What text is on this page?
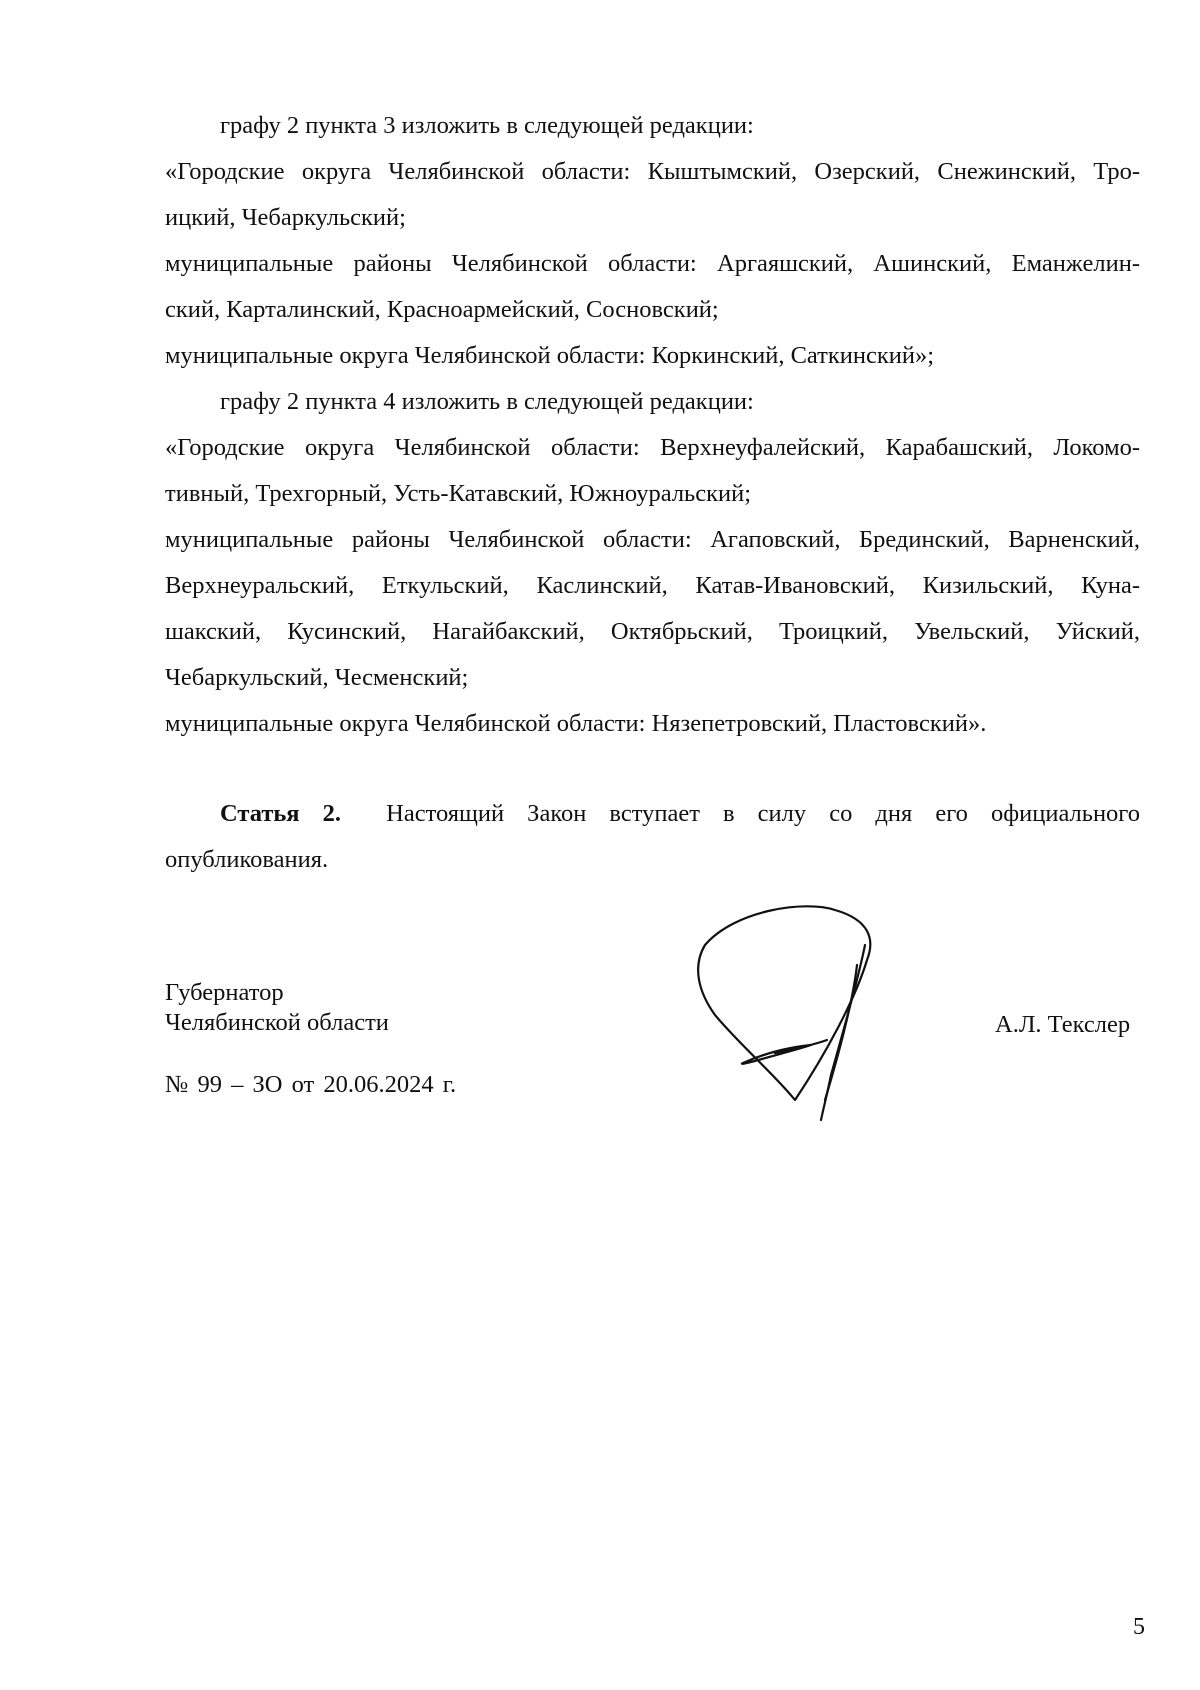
графу 2 пункта 3 изложить в следующей редакции:
«Городские округа Челябинской области: Кыштымский, Озерский, Снежинский, Тро-
ицкий, Чебаркульский;
муниципальные районы Челябинской области: Аргаяшский, Ашинский, Еманжелин-
ский, Карталинский, Красноармейский, Сосновский;
муниципальные округа Челябинской области: Коркинский, Саткинский»;
графу 2 пункта 4 изложить в следующей редакции:
«Городские округа Челябинской области: Верхнеуфалейский, Карабашский, Локомо-
тивный, Трехгорный, Усть-Катавский, Южноуральский;
муниципальные районы Челябинской области: Агаповский, Брединский, Варненский,
Верхнеуральский, Еткульский, Каслинский, Катав-Ивановский, Кизильский, Куна-
шакский, Кусинский, Нагайбакский, Октябрьский, Троицкий, Увельский, Уйский,
Чебаркульский, Чесменский;
муниципальные округа Челябинской области: Нязепетровский, Пластовский».
Статья 2. Настоящий Закон вступает в силу со дня его официального
опубликования.
Губернатор
Челябинской области	А.Л. Текслер
№ 99 – ЗО от 20.06.2024 г.
5
